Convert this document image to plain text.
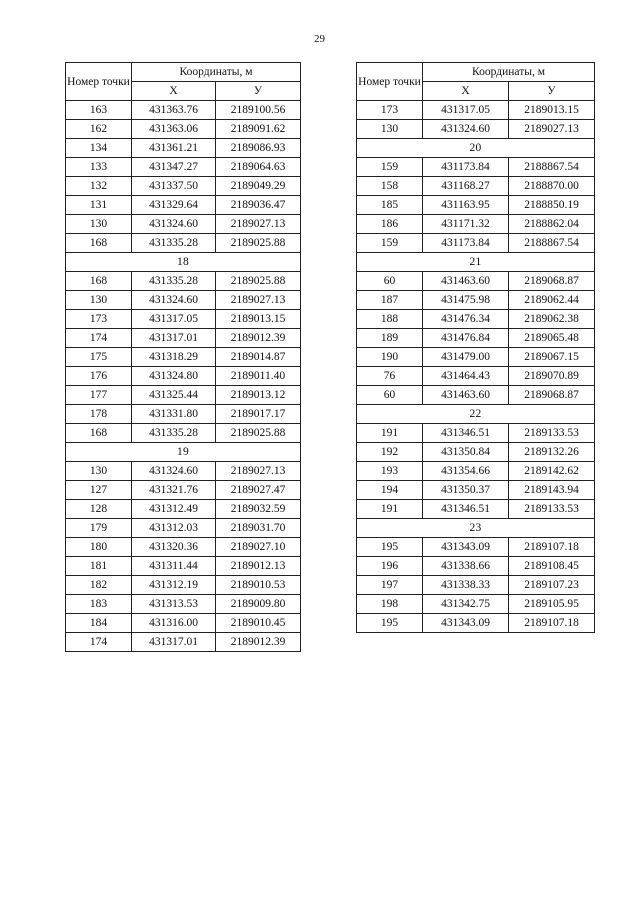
29
Номер точки	Координаты, м	
	X	У
163	431363.76	2189100.56
162	431363.06	2189091.62
134	431361.21	2189086.93
133	431347.27	2189064.63
132	431337.50	2189049.29
131	431329.64	2189036.47
130	431324.60	2189027.13
168	431335.28	2189025.88
18		
168	431335.28	2189025.88
130	431324.60	2189027.13
173	431317.05	2189013.15
174	431317.01	2189012.39
175	431318.29	2189014.87
176	431324.80	2189011.40
177	431325.44	2189013.12
178	431331.80	2189017.17
168	431335.28	2189025.88
19		
130	431324.60	2189027.13
127	431321.76	2189027.47
128	431312.49	2189032.59
179	431312.03	2189031.70
180	431320.36	2189027.10
181	431311.44	2189012.13
182	431312.19	2189010.53
183	431313.53	2189009.80
184	431316.00	2189010.45
174	431317.01	2189012.39
Номер точки	Координаты, м	
	X	У
173	431317.05	2189013.15
130	431324.60	2189027.13
20		
159	431173.84	2188867.54
158	431168.27	2188870.00
185	431163.95	2188850.19
186	431171.32	2188862.04
159	431173.84	2188867.54
21		
60	431463.60	2189068.87
187	431475.98	2189062.44
188	431476.34	2189062.38
189	431476.84	2189065.48
190	431479.00	2189067.15
76	431464.43	2189070.89
60	431463.60	2189068.87
22		
191	431346.51	2189133.53
192	431350.84	2189132.26
193	431354.66	2189142.62
194	431350.37	2189143.94
191	431346.51	2189133.53
23		
195	431343.09	2189107.18
196	431338.66	2189108.45
197	431338.33	2189107.23
198	431342.75	2189105.95
195	431343.09	2189107.18
